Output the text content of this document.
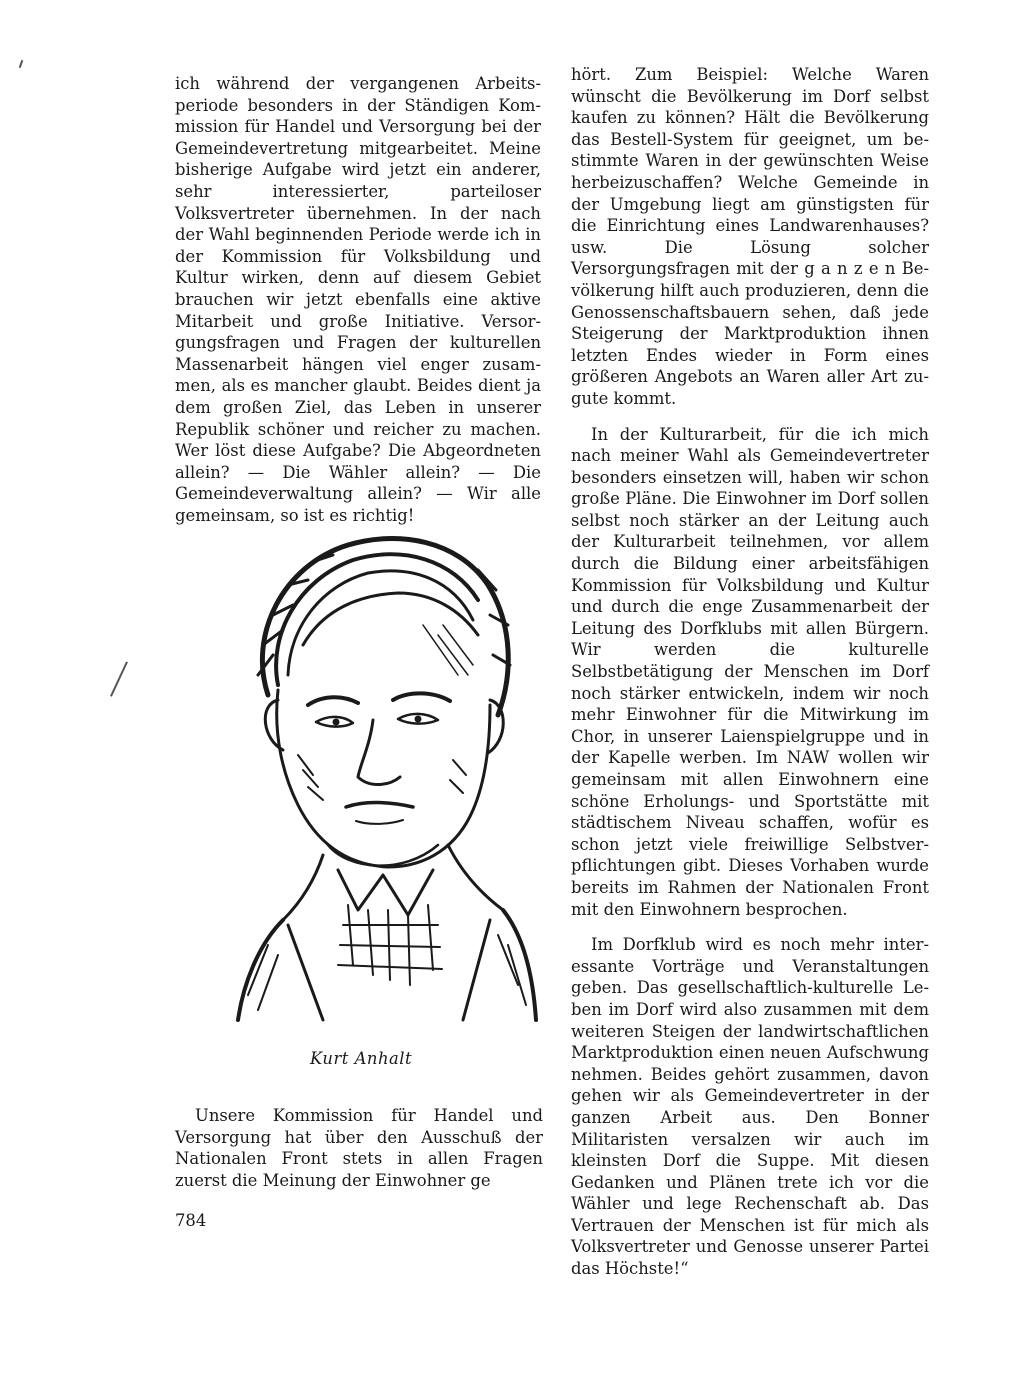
ich während der vergangenen Arbeitsperiode besonders in der Ständigen Kommission für Handel und Versorgung bei der Gemeindevertretung mitgearbeitet. Meine bisherige Aufgabe wird jetzt ein anderer, sehr interessierter, parteiloser Volksvertreter übernehmen. In der nach der Wahl beginnenden Periode werde ich in der Kommission für Volksbildung und Kultur wirken, denn auf diesem Gebiet brauchen wir jetzt ebenfalls eine aktive Mitarbeit und große Initiative. Versorgungsfragen und Fragen der kulturellen Massenarbeit hängen viel enger zusammen, als es mancher glaubt. Beides dient ja dem großen Ziel, das Leben in unserer Republik schöner und reicher zu machen. Wer löst diese Aufgabe? Die Abgeordneten allein? — Die Wähler allein? — Die Gemeindeverwaltung allein? — Wir alle gemeinsam, so ist es richtig!

Kurt Anhalt

Unsere Kommission für Handel und Versorgung hat über den Ausschuß der Nationalen Front stets in allen Fragen zuerst die Meinung der Einwohner ge

784

hört. Zum Beispiel: Welche Waren wünscht die Bevölkerung im Dorf selbst kaufen zu können? Hält die Bevölkerung das Bestell-System für geeignet, um bestimmte Waren in der gewünschten Weise herbeizuschaffen? Welche Gemeinde in der Umgebung liegt am günstigsten für die Einrichtung eines Landwarenhauses? usw. Die Lösung solcher Versorgungsfragen mit der g a n z e n Bevölkerung hilft auch produzieren, denn die Genossenschaftsbauern sehen, daß jede Steigerung der Marktproduktion ihnen letzten Endes wieder in Form eines größeren Angebots an Waren aller Art zugute kommt.

In der Kulturarbeit, für die ich mich nach meiner Wahl als Gemeindevertreter besonders einsetzen will, haben wir schon große Pläne. Die Einwohner im Dorf sollen selbst noch stärker an der Leitung auch der Kulturarbeit teilnehmen, vor allem durch die Bildung einer arbeitsfähigen Kommission für Volksbildung und Kultur und durch die enge Zusammenarbeit der Leitung des Dorfklubs mit allen Bürgern. Wir werden die kulturelle Selbstbetätigung der Menschen im Dorf noch stärker entwickeln, indem wir noch mehr Einwohner für die Mitwirkung im Chor, in unserer Laienspielgruppe und in der Kapelle werben. Im NAW wollen wir gemeinsam mit allen Einwohnern eine schöne Erholungs- und Sportstätte mit städtischem Niveau schaffen, wofür es schon jetzt viele freiwillige Selbstverpflichtungen gibt. Dieses Vorhaben wurde bereits im Rahmen der Nationalen Front mit den Einwohnern besprochen.

Im Dorfklub wird es noch mehr interessante Vorträge und Veranstaltungen geben. Das gesellschaftlich-kulturelle Leben im Dorf wird also zusammen mit dem weiteren Steigen der landwirtschaftlichen Marktproduktion einen neuen Aufschwung nehmen. Beides gehört zusammen, davon gehen wir als Gemeindevertreter in der ganzen Arbeit aus. Den Bonner Militaristen versalzen wir auch im kleinsten Dorf die Suppe. Mit diesen Gedanken und Plänen trete ich vor die Wähler und lege Rechenschaft ab. Das Vertrauen der Menschen ist für mich als Volksvertreter und Genosse unserer Partei das Höchste!“
